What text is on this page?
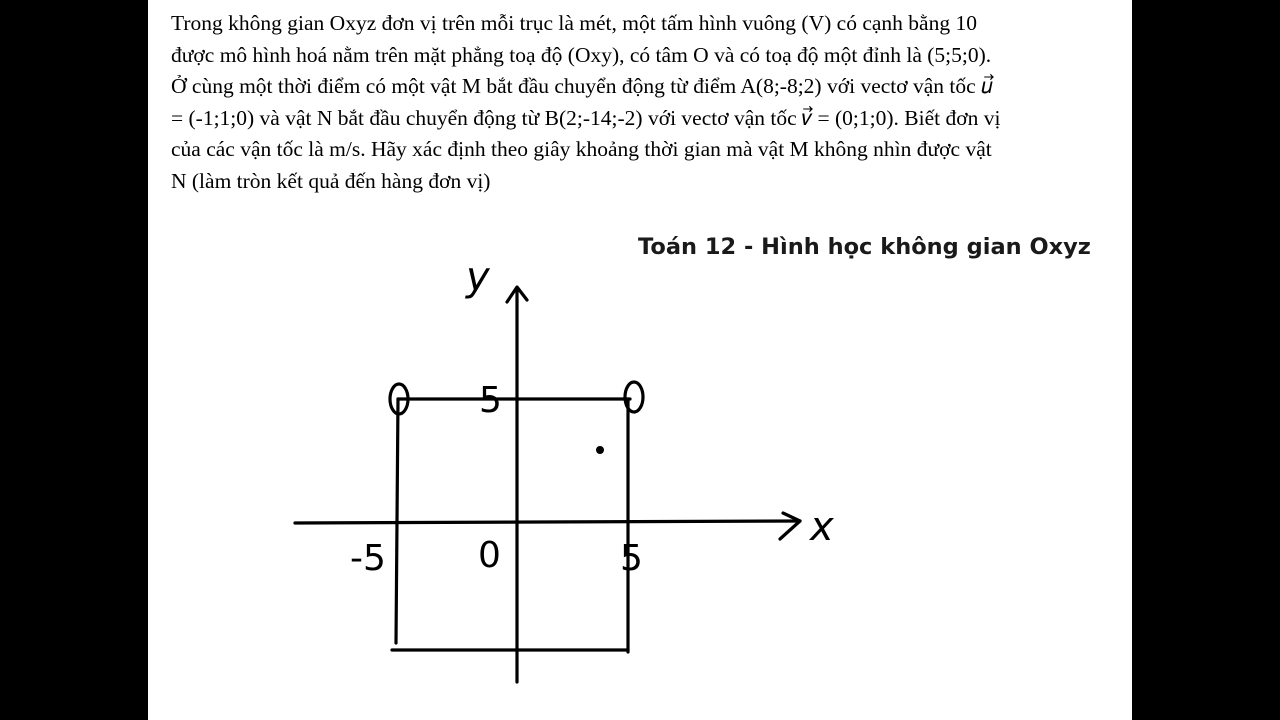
Trong không gian Oxyz đơn vị trên mỗi trục là mét, một tấm hình vuông (V) có cạnh bằng 10
được mô hình hoá nằm trên mặt phẳng toạ độ (Oxy), có tâm O và có toạ độ một đỉnh là (5;5;0).
Ở cùng một thời điểm có một vật M bắt đầu chuyển động từ điểm A(8;-8;2) với vectơ vận tốc 𝑢⃗
= (-1;1;0) và vật N bắt đầu chuyển động từ B(2;-14;-2) với vectơ vận tốc 𝑣⃗ = (0;1;0). Biết đơn vị
của các vận tốc là m/s. Hãy xác định theo giây khoảng thời gian mà vật M không nhìn được vật
N (làm tròn kết quả đến hàng đơn vị)
Toán 12 - Hình học không gian Oxyz
y
x
5
-5	0	5
